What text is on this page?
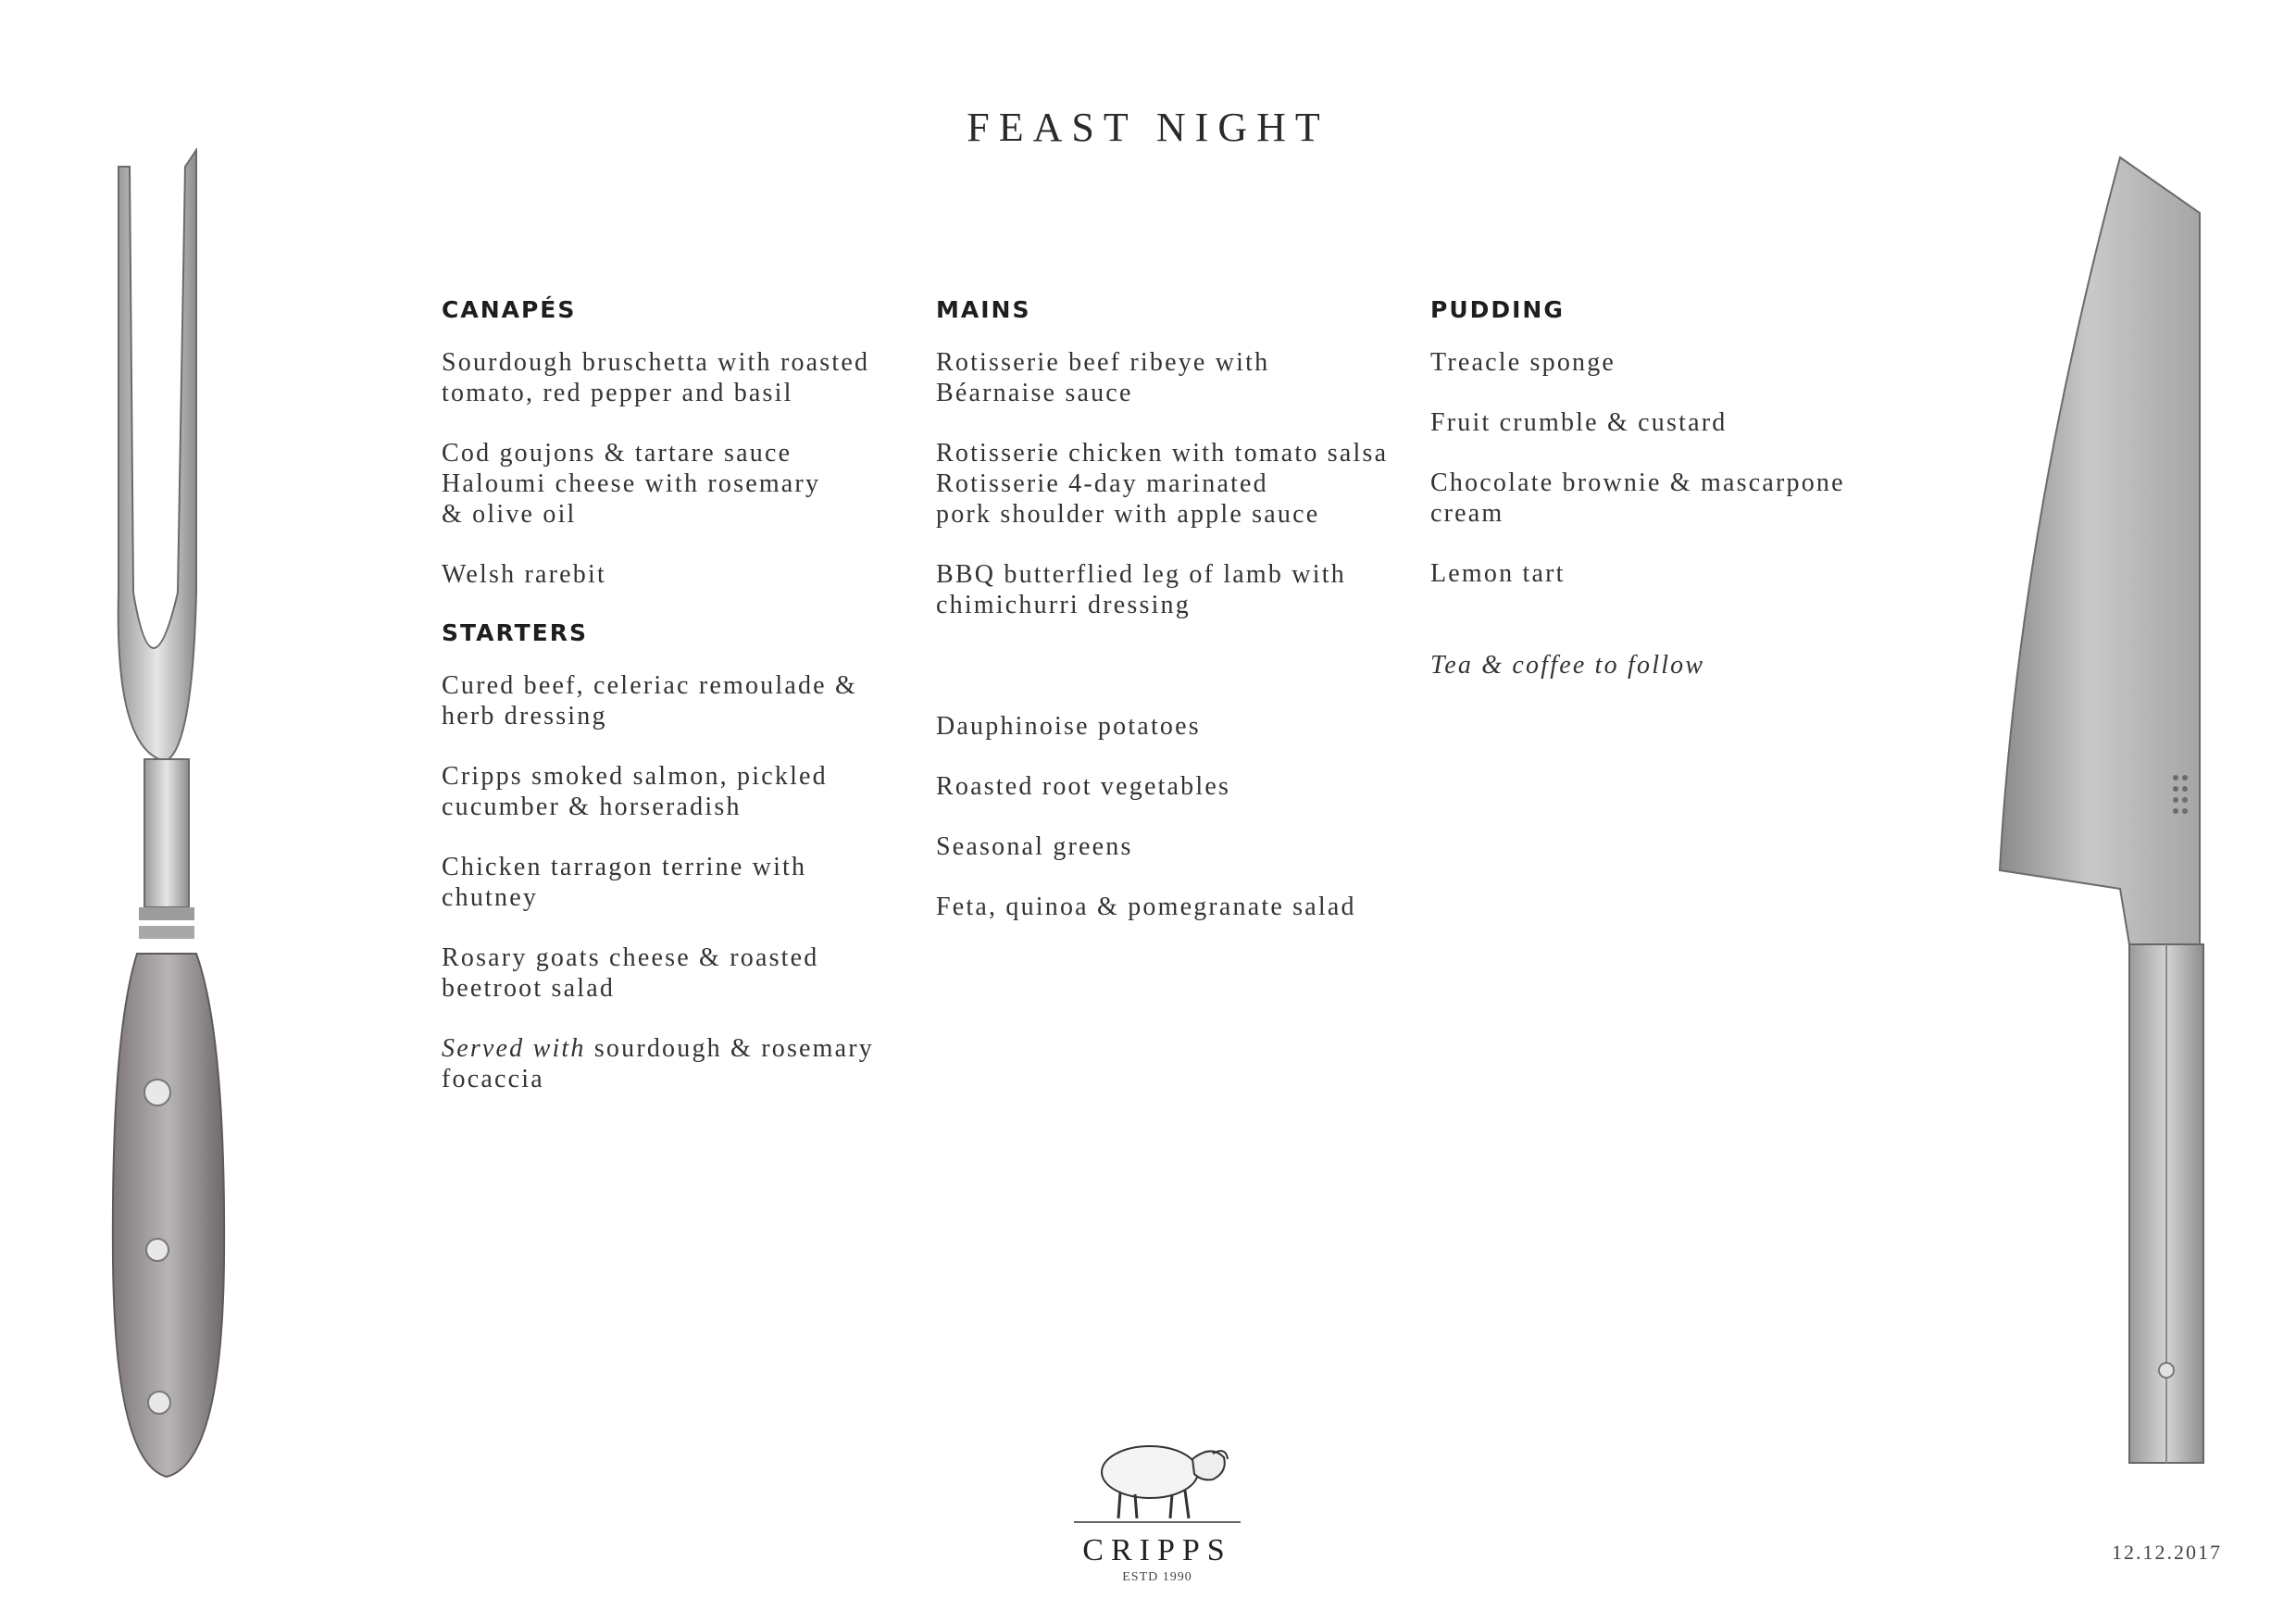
FEAST NIGHT
CANAPÉS
Sourdough bruschetta with roasted
tomato, red pepper and basil
Cod goujons & tartare sauce
Haloumi cheese with rosemary
& olive oil
Welsh rarebit
STARTERS
Cured beef, celeriac remoulade &
herb dressing
Cripps smoked salmon, pickled
cucumber & horseradish
Chicken tarragon terrine with
chutney
Rosary goats cheese & roasted
beetroot salad
Served with sourdough & rosemary
focaccia
MAINS
Rotisserie beef ribeye with
Béarnaise sauce
Rotisserie chicken with tomato salsa
Rotisserie 4-day marinated
pork shoulder with apple sauce
BBQ butterflied leg of lamb with
chimichurri dressing
Dauphinoise potatoes
Roasted root vegetables
Seasonal greens
Feta, quinoa & pomegranate salad
PUDDING
Treacle sponge
Fruit crumble & custard
Chocolate brownie & mascarpone
cream
Lemon tart
Tea & coffee to follow
CRIPPS
ESTD 1990
12.12.2017
